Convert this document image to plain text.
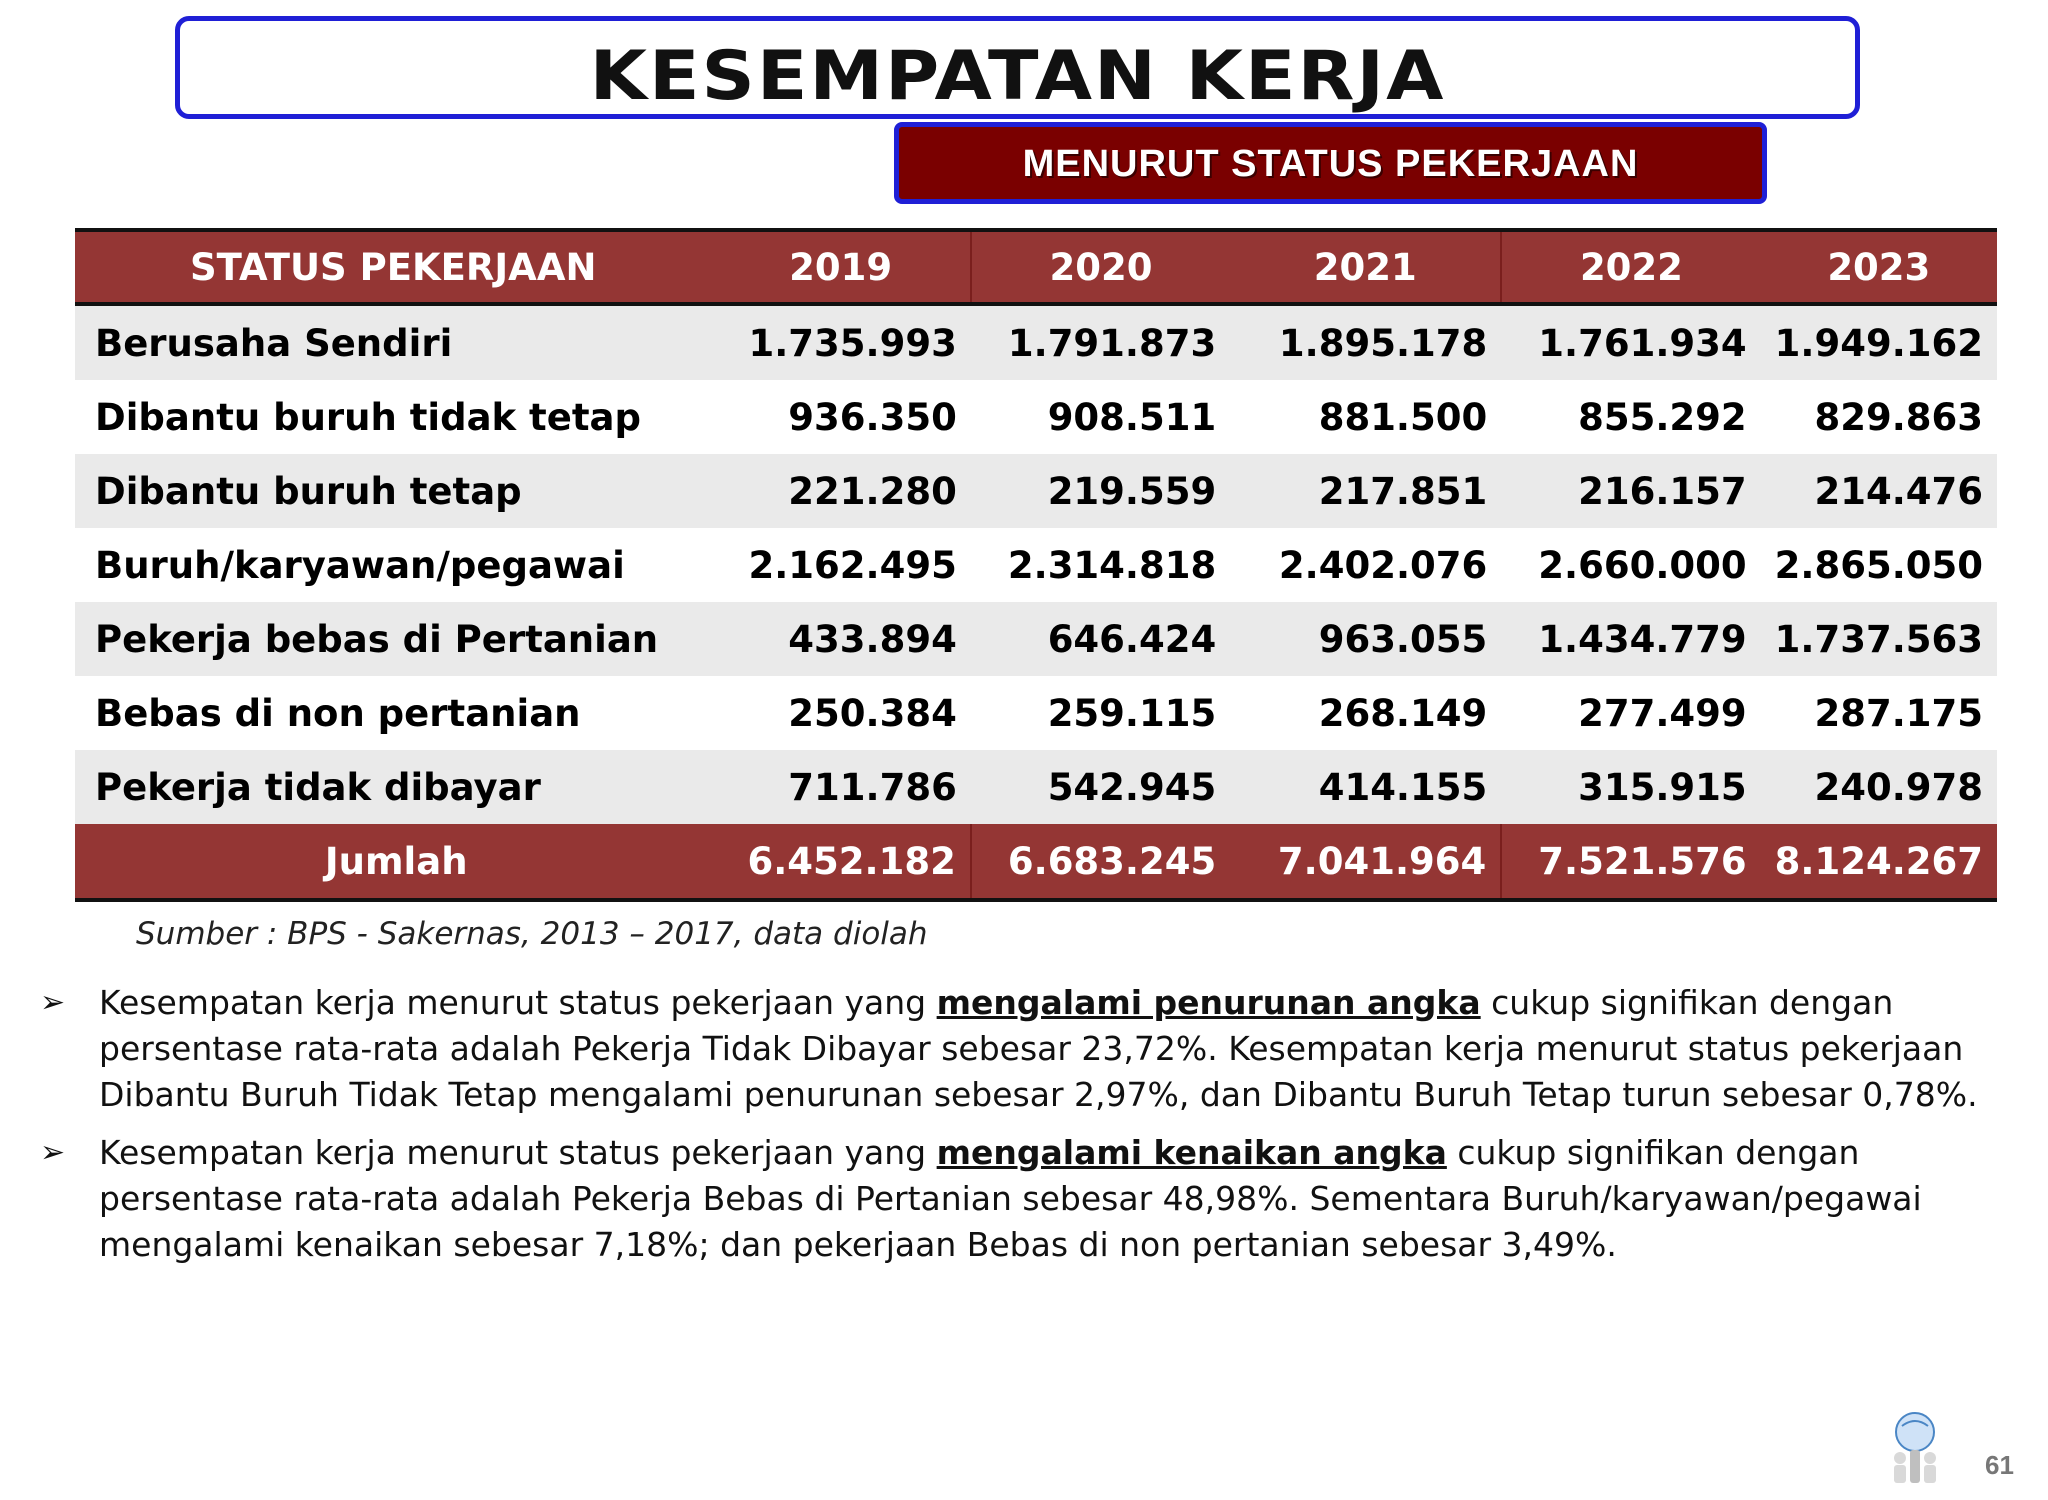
KESEMPATAN KERJA
MENURUT STATUS PEKERJAAN
STATUS PEKERJAAN	2019	2020	2021	2022	2023
Berusaha Sendiri	1.735.993	1.791.873	1.895.178	1.761.934	1.949.162
Dibantu buruh tidak tetap	936.350	908.511	881.500	855.292	829.863
Dibantu buruh tetap	221.280	219.559	217.851	216.157	214.476
Buruh/karyawan/pegawai	2.162.495	2.314.818	2.402.076	2.660.000	2.865.050
Pekerja bebas di Pertanian	433.894	646.424	963.055	1.434.779	1.737.563
Bebas di non pertanian	250.384	259.115	268.149	277.499	287.175
Pekerja tidak dibayar	711.786	542.945	414.155	315.915	240.978
Jumlah	6.452.182	6.683.245	7.041.964	7.521.576	8.124.267
Sumber : BPS - Sakernas, 2013 – 2017, data diolah
➢ Kesempatan kerja menurut status pekerjaan yang mengalami penurunan angka cukup signifikan dengan persentase rata-rata adalah Pekerja Tidak Dibayar sebesar 23,72%. Kesempatan kerja menurut status pekerjaan Dibantu Buruh Tidak Tetap mengalami penurunan sebesar 2,97%, dan Dibantu Buruh Tetap turun sebesar 0,78%.
➢ Kesempatan kerja menurut status pekerjaan yang mengalami kenaikan angka cukup signifikan dengan persentase rata-rata adalah Pekerja Bebas di Pertanian sebesar 48,98%. Sementara Buruh/karyawan/pegawai mengalami kenaikan sebesar 7,18%; dan pekerjaan Bebas di non pertanian sebesar 3,49%.
61
